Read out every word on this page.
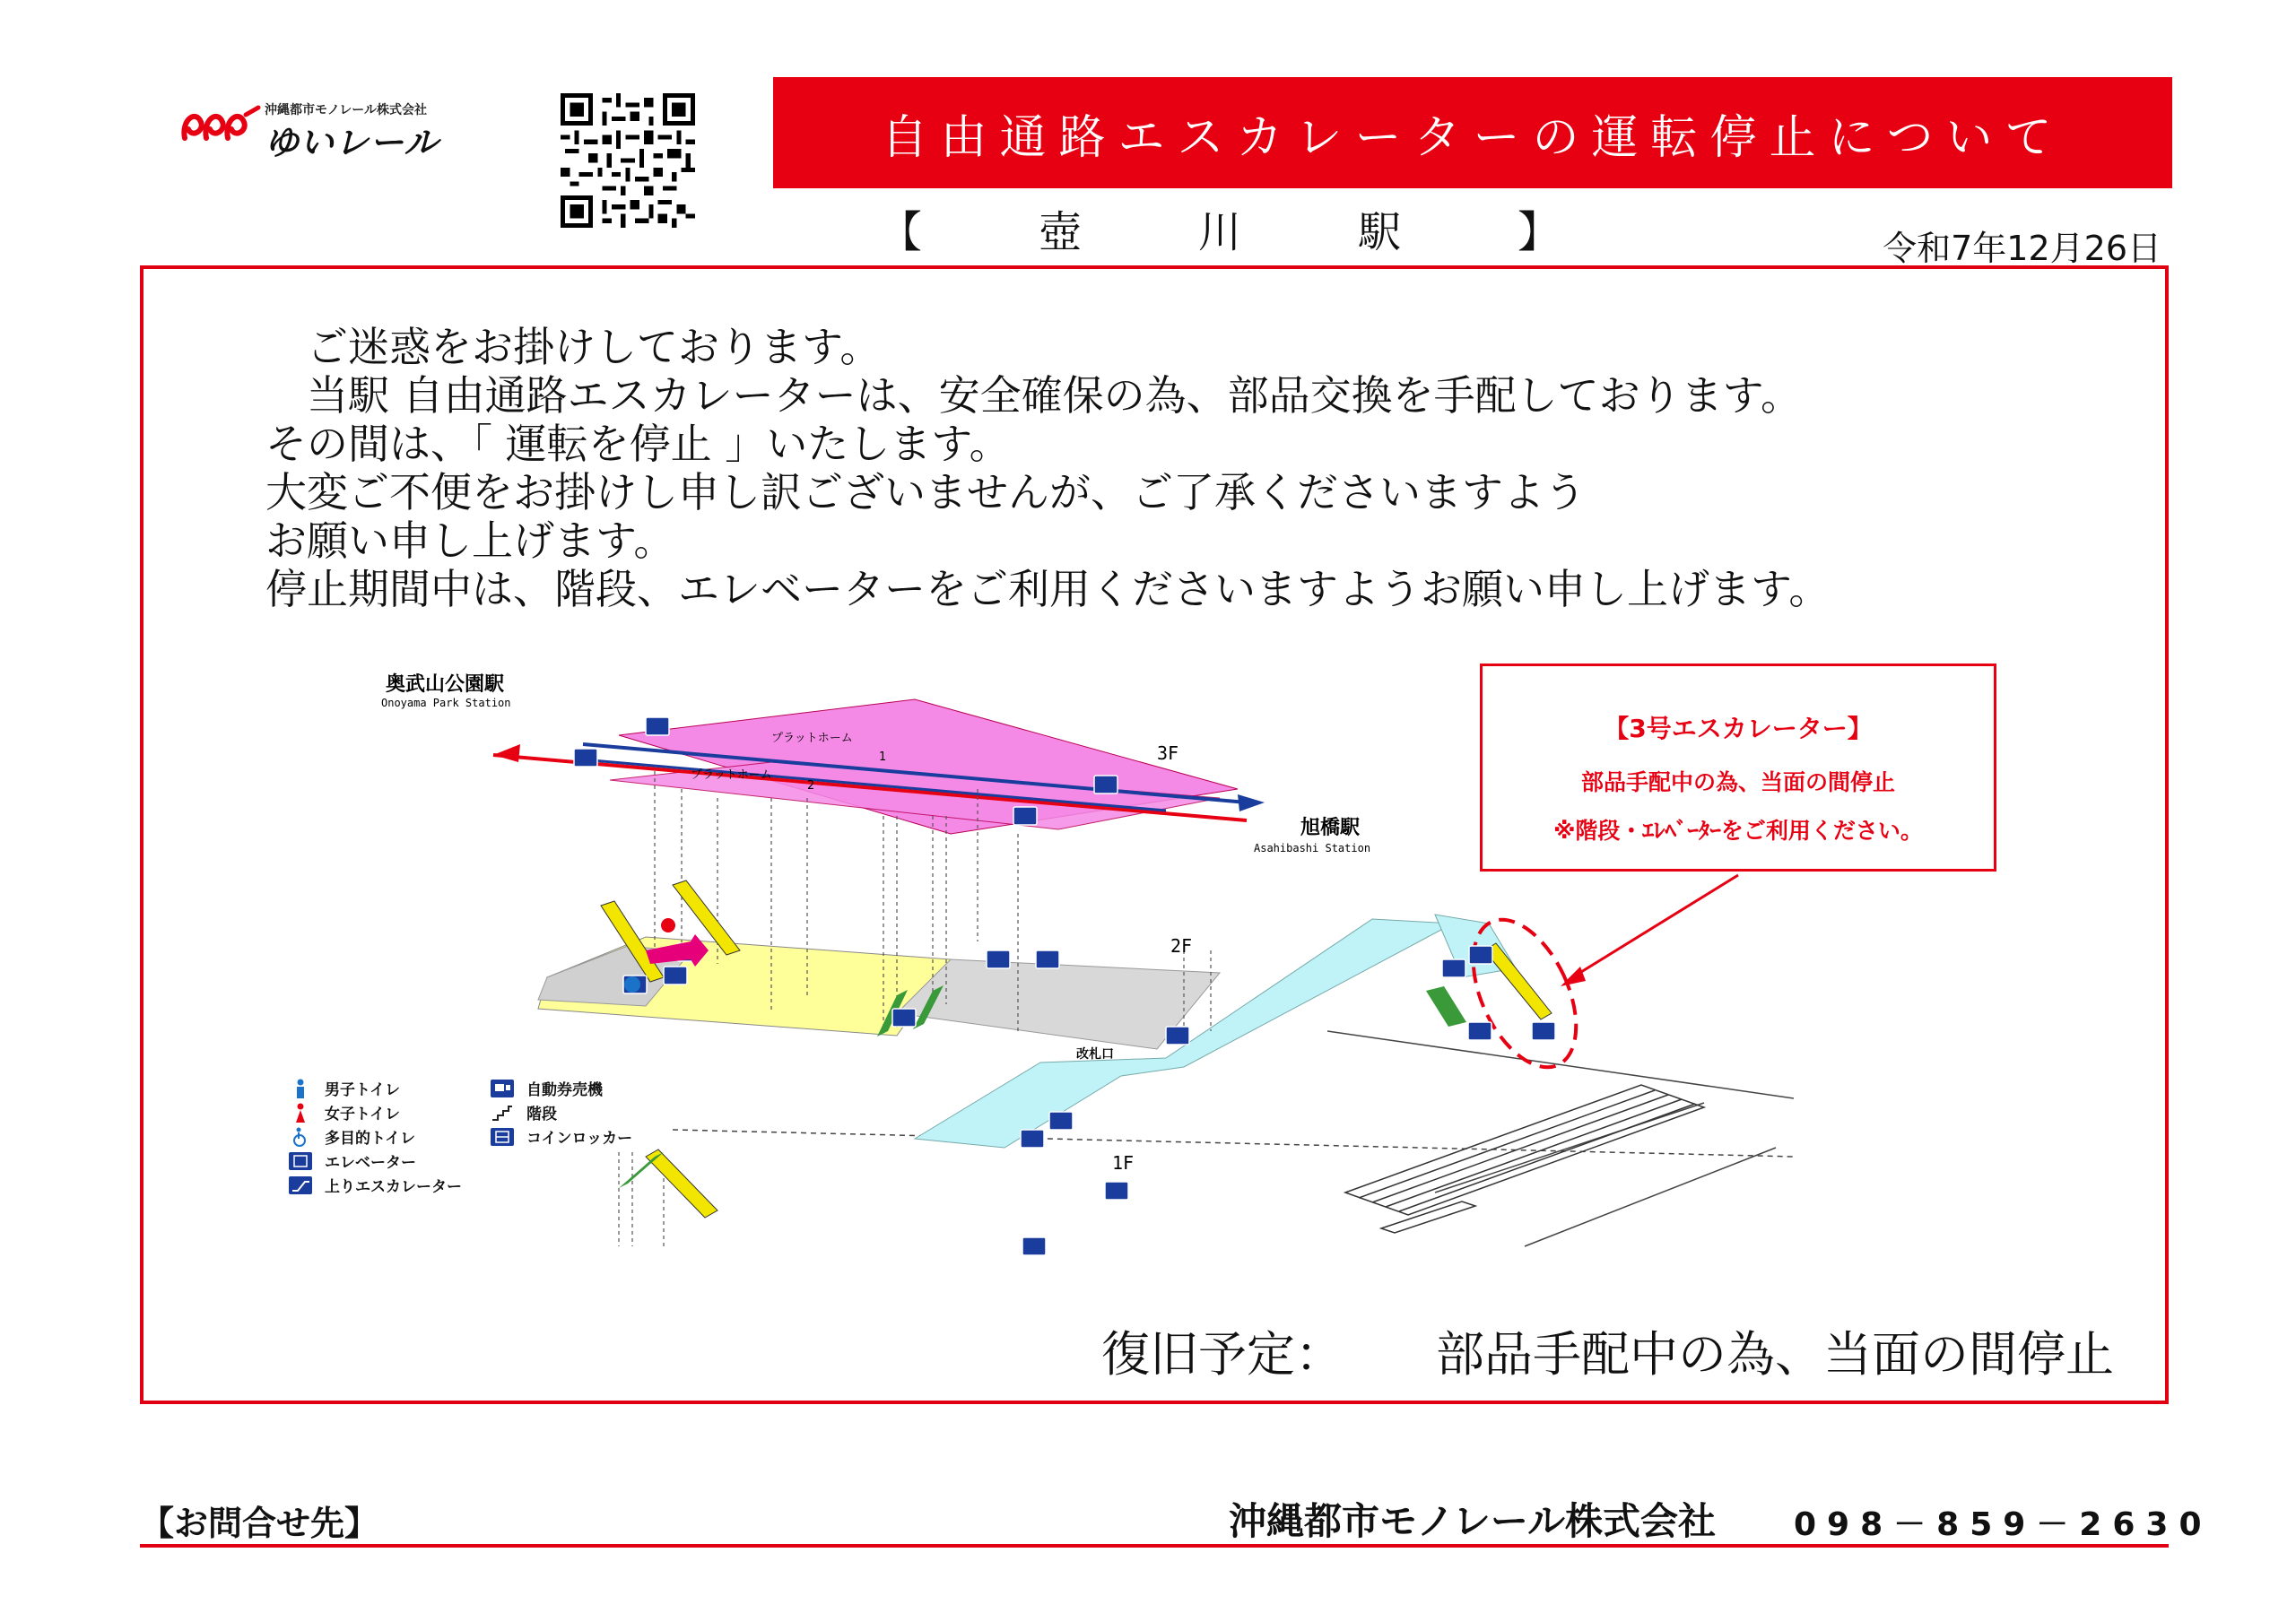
沖縄都市モノレール株式会社
ゆいレール	自由通路エスカレーターの運転停止について
【	壺	川	駅	】	令和7年12月26日
　ご迷惑をお掛けしております。
　当駅 自由通路エスカレーターは、安全確保の為、部品交換を手配しております。
その間は、「 運転を停止 」いたします。
大変ご不便をお掛けし申し訳ございませんが、ご了承くださいますよう
お願い申し上げます。
停止期間中は、階段、エレベーターをご利用くださいますようお願い申し上げます。
奥武山公園駅
Onoyama Park Station
旭橋駅
Asahibashi Station
プラットホーム
1
プラットホーム
2
3F
2F
1F
改札口
男子トイレ
女子トイレ
多目的トイレ
エレベーター
上りエスカレーター
自動券売機
階段
コインロッカー
【3号エスカレーター】
部品手配中の為、当面の間停止
※階段・ｴﾚﾍﾞｰﾀｰをご利用ください。
復旧予定： 部品手配中の為、当面の間停止
【お問合せ先】	沖縄都市モノレール株式会社 098－859－2630
